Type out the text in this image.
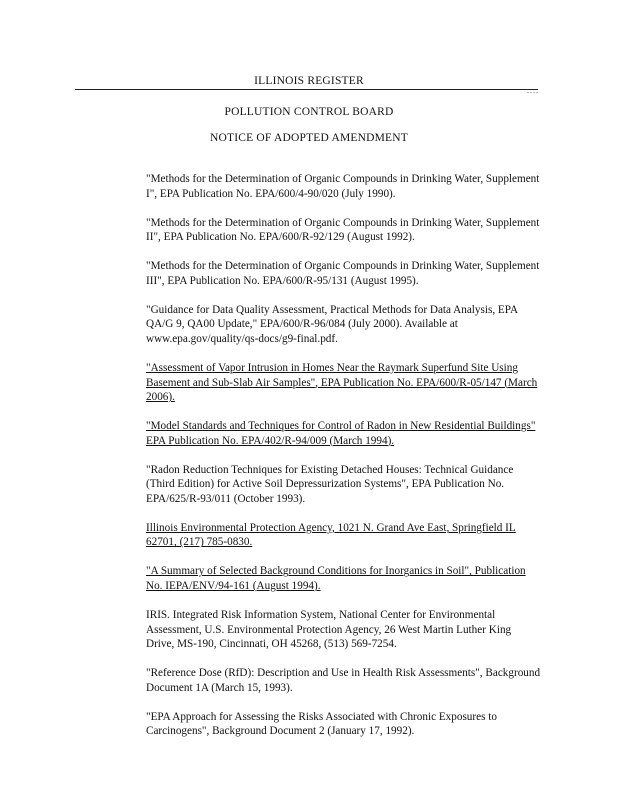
ILLINOIS REGISTER
....
POLLUTION CONTROL BOARD
NOTICE OF ADOPTED AMENDMENT

"Methods for the Determination of Organic Compounds in Drinking Water, Supplement I", EPA Publication No. EPA/600/4-90/020 (July 1990).

"Methods for the Determination of Organic Compounds in Drinking Water, Supplement II", EPA Publication No. EPA/600/R-92/129 (August 1992).

"Methods for the Determination of Organic Compounds in Drinking Water, Supplement III", EPA Publication No. EPA/600/R-95/131 (August 1995).

"Guidance for Data Quality Assessment, Practical Methods for Data Analysis, EPA QA/G 9, QA00 Update," EPA/600/R-96/084 (July 2000). Available at www.epa.gov/quality/qs-docs/g9-final.pdf.

"Assessment of Vapor Intrusion in Homes Near the Raymark Superfund Site Using Basement and Sub-Slab Air Samples", EPA Publication No. EPA/600/R-05/147 (March 2006).

"Model Standards and Techniques for Control of Radon in New Residential Buildings" EPA Publication No. EPA/402/R-94/009 (March 1994).

"Radon Reduction Techniques for Existing Detached Houses: Technical Guidance (Third Edition) for Active Soil Depressurization Systems", EPA Publication No. EPA/625/R-93/011 (October 1993).

Illinois Environmental Protection Agency, 1021 N. Grand Ave East, Springfield IL 62701, (217) 785-0830.

"A Summary of Selected Background Conditions for Inorganics in Soil", Publication No. IEPA/ENV/94-161 (August 1994).

IRIS. Integrated Risk Information System, National Center for Environmental Assessment, U.S. Environmental Protection Agency, 26 West Martin Luther King Drive, MS-190, Cincinnati, OH 45268, (513) 569-7254.

"Reference Dose (RfD): Description and Use in Health Risk Assessments", Background Document 1A (March 15, 1993).

"EPA Approach for Assessing the Risks Associated with Chronic Exposures to Carcinogens", Background Document 2 (January 17, 1992).
